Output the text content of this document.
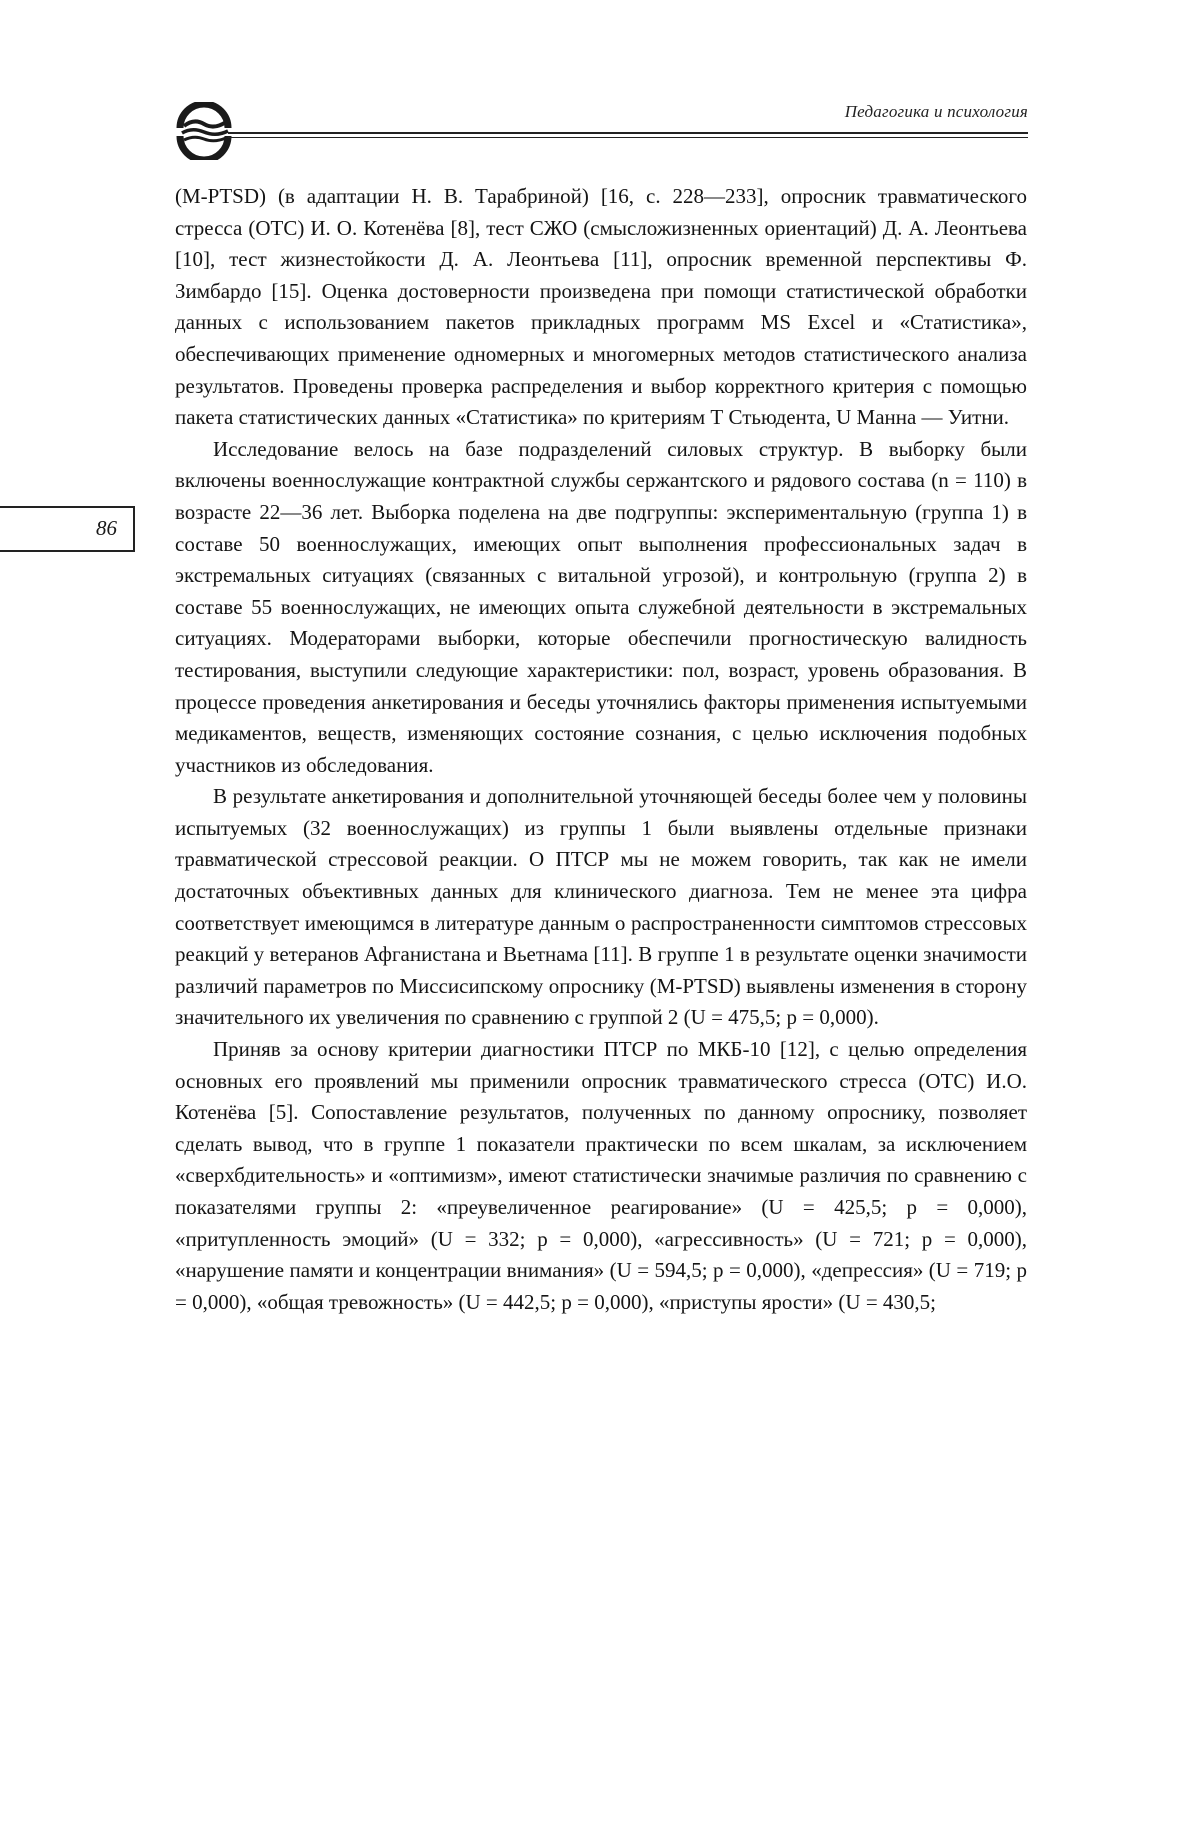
Педагогика и психология
86

(M-PTSD) (в адаптации Н. В. Тарабриной) [16, с. 228—233], опросник травматического стресса (ОТС) И. О. Котенёва [8], тест СЖО (смысложизненных ориентаций) Д. А. Леонтьева [10], тест жизнестойкости Д. А. Леонтьева [11], опросник временной перспективы Ф. Зимбардо [15]. Оценка достоверности произведена при помощи статистической обработки данных с использованием пакетов прикладных программ MS Excel и «Статистика», обеспечивающих применение одномерных и многомерных методов статистического анализа результатов. Проведены проверка распределения и выбор корректного критерия с помощью пакета статистических данных «Статистика» по критериям Т Стьюдента, U Манна — Уитни.

Исследование велось на базе подразделений силовых структур. В выборку были включены военнослужащие контрактной службы сержантского и рядового состава (n = 110) в возрасте 22—36 лет. Выборка поделена на две подгруппы: экспериментальную (группа 1) в составе 50 военнослужащих, имеющих опыт выполнения профессиональных задач в экстремальных ситуациях (связанных с витальной угрозой), и контрольную (группа 2) в составе 55 военнослужащих, не имеющих опыта служебной деятельности в экстремальных ситуациях. Модераторами выборки, которые обеспечили прогностическую валидность тестирования, выступили следующие характеристики: пол, возраст, уровень образования. В процессе проведения анкетирования и беседы уточнялись факторы применения испытуемыми медикаментов, веществ, изменяющих состояние сознания, с целью исключения подобных участников из обследования.

В результате анкетирования и дополнительной уточняющей беседы более чем у половины испытуемых (32 военнослужащих) из группы 1 были выявлены отдельные признаки травматической стрессовой реакции. О ПТСР мы не можем говорить, так как не имели достаточных объективных данных для клинического диагноза. Тем не менее эта цифра соответствует имеющимся в литературе данным о распространенности симптомов стрессовых реакций у ветеранов Афганистана и Вьетнама [11]. В группе 1 в результате оценки значимости различий параметров по Миссисипскому опроснику (M-PTSD) выявлены изменения в сторону значительного их увеличения по сравнению с группой 2 (U = 475,5; p = 0,000).

Приняв за основу критерии диагностики ПТСР по МКБ-10 [12], с целью определения основных его проявлений мы применили опросник травматического стресса (ОТС) И.О. Котенёва [5]. Сопоставление результатов, полученных по данному опроснику, позволяет сделать вывод, что в группе 1 показатели практически по всем шкалам, за исключением «сверхбдительность» и «оптимизм», имеют статистически значимые различия по сравнению с показателями группы 2: «преувеличенное реагирование» (U = 425,5; p = 0,000), «притупленность эмоций» (U = 332; p = 0,000), «агрессивность» (U = 721; p = 0,000), «нарушение памяти и концентрации внимания» (U = 594,5; p = 0,000), «депрессия» (U = 719; p = 0,000), «общая тревожность» (U = 442,5; p = 0,000), «приступы ярости» (U = 430,5;
